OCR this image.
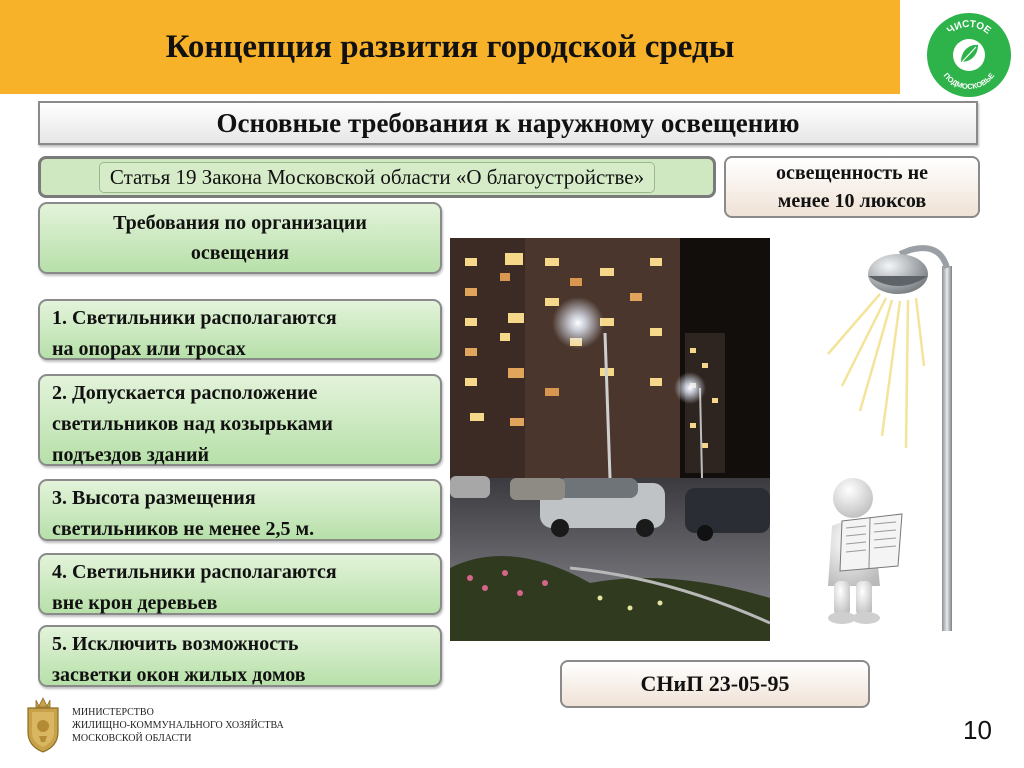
Концепция развития городской среды	ЧИСТОЕ
ПОДМОСКОВЬЕ
Основные требования к наружному освещению
Статья 19 Закона Московской области «О благоустройстве»	освещенность не
менее 10 люксов
Требования по организации
освещения
1. Светильники располагаются
на опорах или тросах
2. Допускается расположение
светильников над козырьками
подъездов зданий
3. Высота размещения
светильников не менее 2,5 м.
4. Светильники располагаются
вне крон деревьев
5. Исключить возможность
засветки окон жилых домов	СНиП 23-05-95
МИНИСТЕРСТВО
ЖИЛИЩНО-КОММУНАЛЬНОГО ХОЗЯЙСТВА
МОСКОВСКОЙ ОБЛАСТИ	10
